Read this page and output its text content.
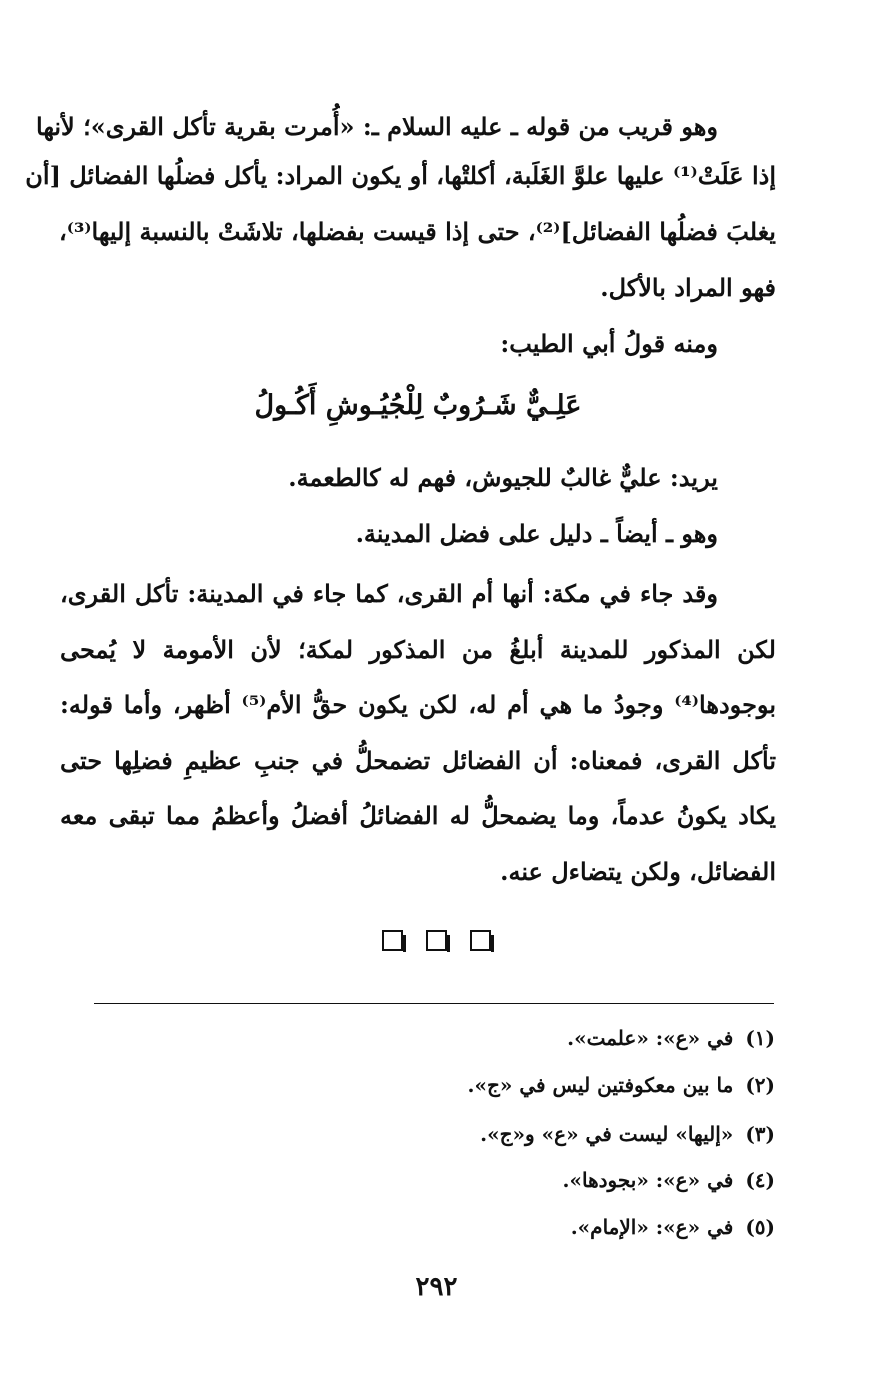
وهو قريب من قوله ـ عليه السلام ـ: «أُمرت بقرية تأكل القرى»؛ لأنها
إذا عَلَتْ⁽¹⁾ عليها علوَّ الغَلَبة، أكلتْها، أو يكون المراد: يأكل فضلُها الفضائل [أن
يغلبَ فضلُها الفضائل]⁽²⁾، حتى إذا قيست بفضلها، تلاشَتْ بالنسبة إليها⁽³⁾،
فهو المراد بالأكل.
ومنه قولُ أبي الطيب:
عَلِـيٌّ شَـرُوبٌ لِلْجُيُـوشِ أَكُـولُ
يريد: عليٌّ غالبٌ للجيوش، فهم له كالطعمة.
وهو ـ أيضاً ـ دليل على فضل المدينة.
وقد جاء في مكة: أنها أم القرى، كما جاء في المدينة: تأكل القرى،
لكن المذكور للمدينة أبلغُ من المذكور لمكة؛ لأن الأمومة لا يُمحى
بوجودها⁽⁴⁾ وجودُ ما هي أم له، لكن يكون حقُّ الأم⁽⁵⁾ أظهر، وأما قوله:
تأكل القرى، فمعناه: أن الفضائل تضمحلُّ في جنبِ عظيمِ فضلِها حتى
يكاد يكونُ عدماً، وما يضمحلُّ له الفضائلُ أفضلُ وأعظمُ مما تبقى معه
الفضائل، ولكن يتضاءل عنه.

(١)في «ع»: «علمت».
(٢)ما بين معكوفتين ليس في «ج».
(٣)«إليها» ليست في «ع» و«ج».
(٤)في «ع»: «بجودها».
(٥)في «ع»: «الإمام».
٢٩٢
